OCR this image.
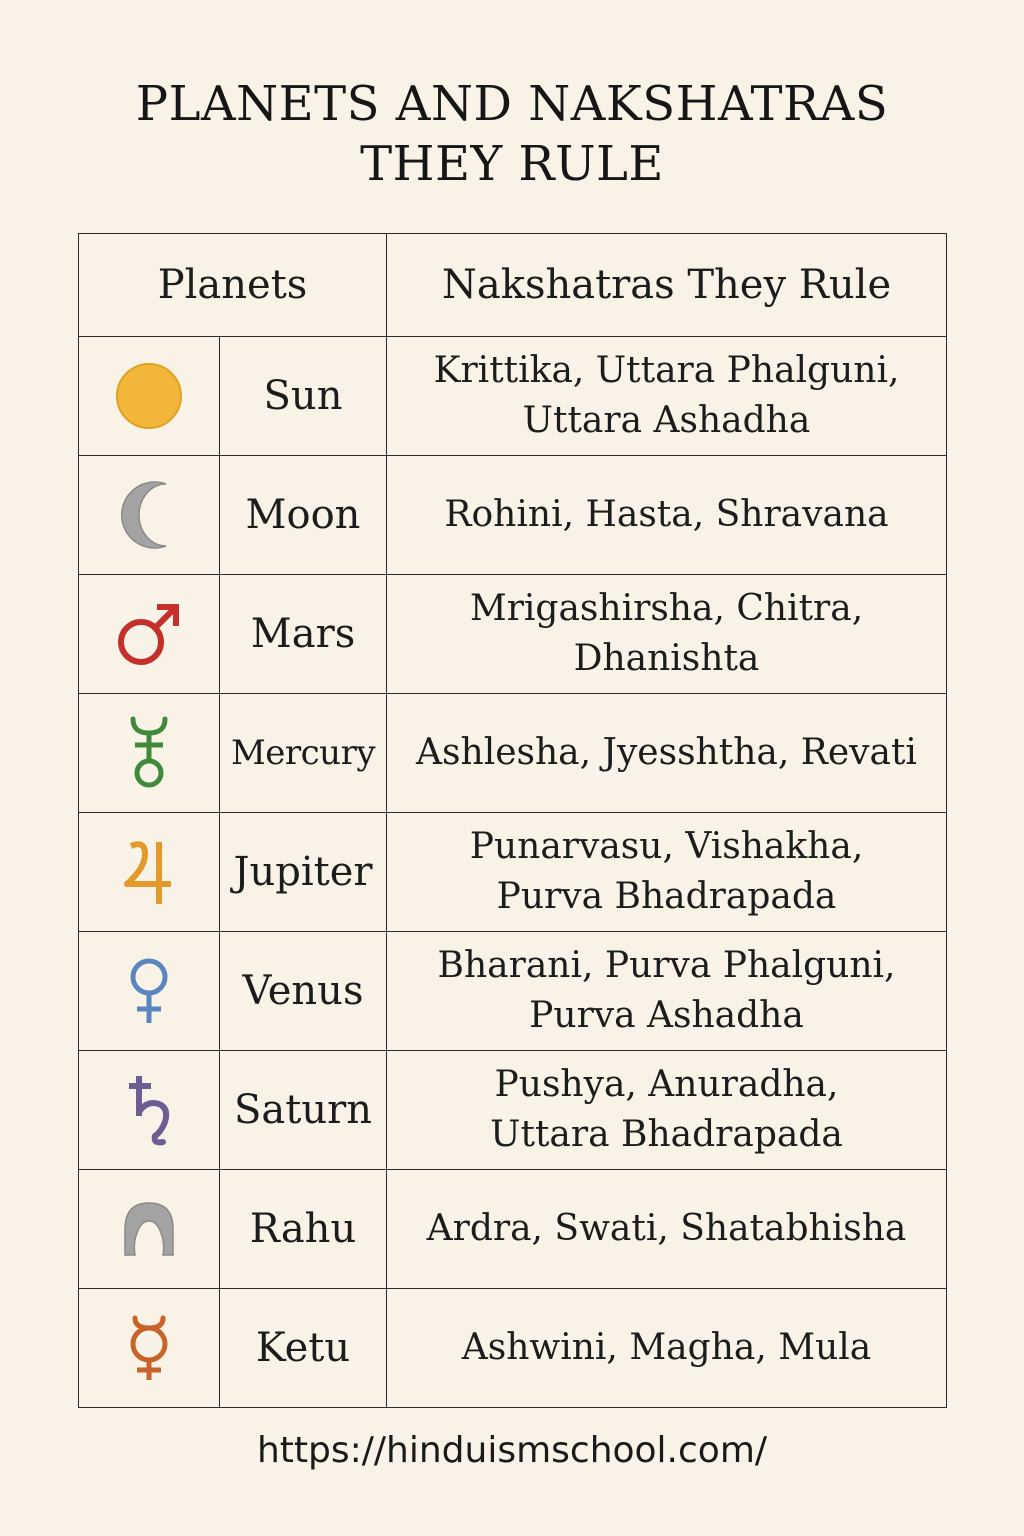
PLANETS AND NAKSHATRAS
THEY RULE
Planets		Nakshatras They Rule

	Sun	Krittika, Uttara Phalguni,
Uttara Ashadha

	Moon	Rohini, Hasta, Shravana

	Mars	Mrigashirsha, Chitra,
Dhanishta

	Mercury	Ashlesha, Jyesshtha, Revati

	Jupiter	Punarvasu, Vishakha,
Purva Bhadrapada

	Venus	Bharani, Purva Phalguni,
Purva Ashadha

	Saturn	Pushya, Anuradha,
Uttara Bhadrapada

	Rahu	Ardra, Swati, Shatabhisha

	Ketu	Ashwini, Magha, Mula
https://hinduismschool.com/
